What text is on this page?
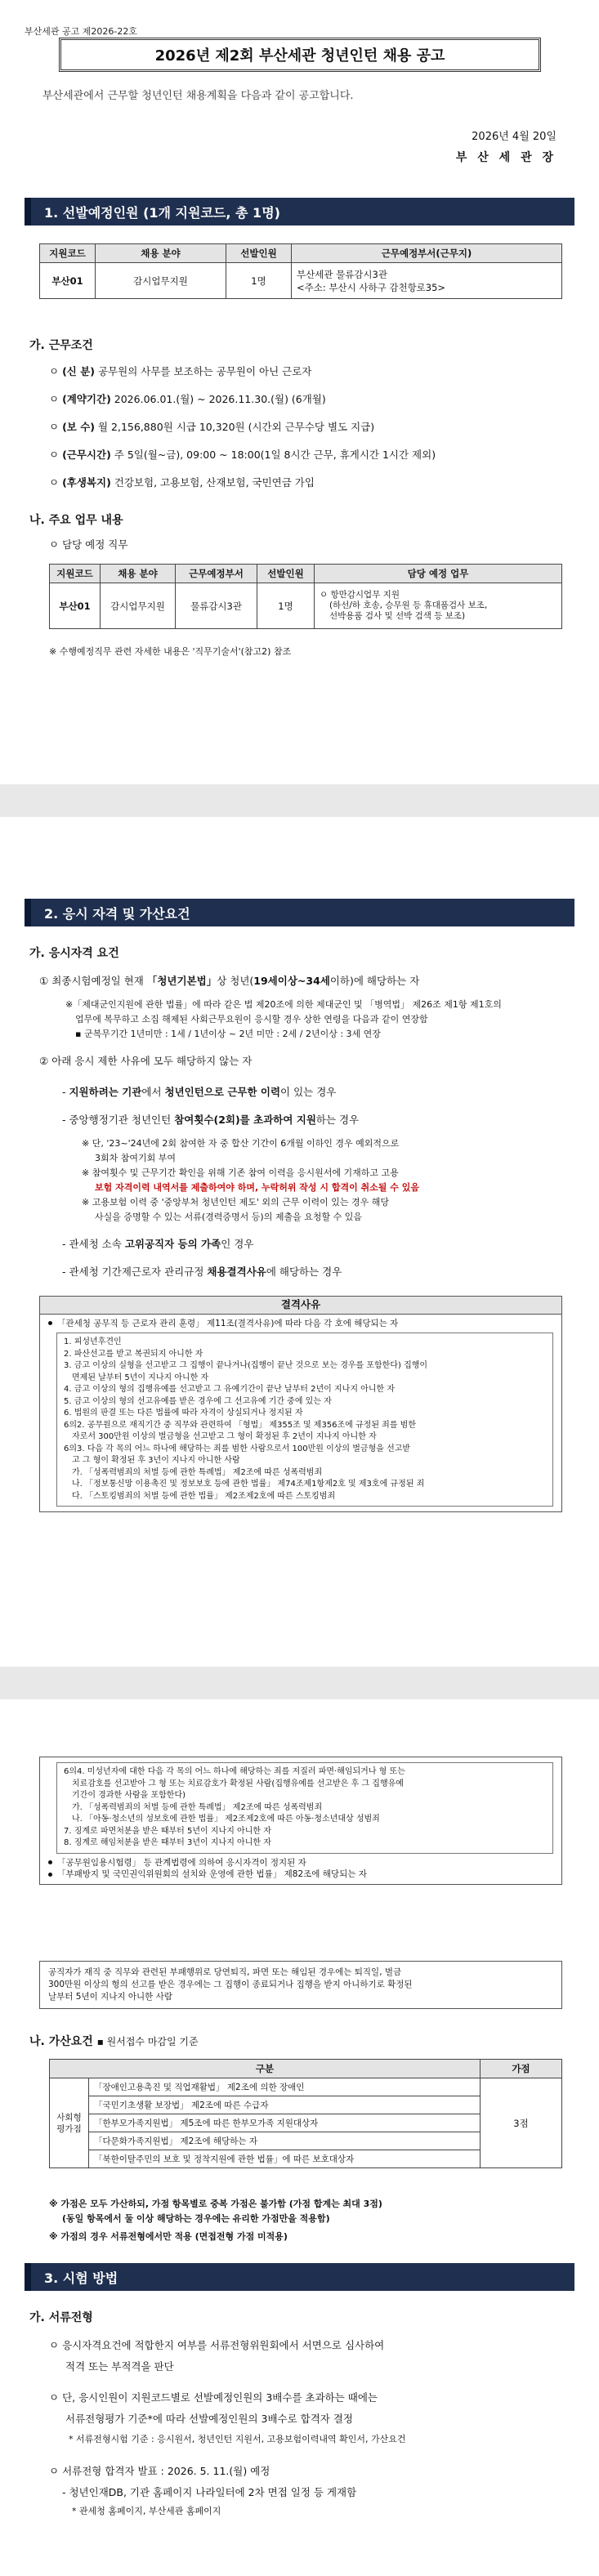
부산세관 공고 제2026-22호
2026년 제2회 부산세관 청년인턴 채용 공고
부산세관에서 근무할 청년인턴 채용계획을 다음과 같이 공고합니다.
2026년 4월 20일
부 산 세 관 장
1. 선발예정인원 (1개 지원코드, 총 1명)
지원코드	채용 분야	선발인원	근무예정부서(근무지)
부산01	감시업무지원	1명	부산세관 물류감시3관
<주소: 부산시 사하구 감천항로35>
가. 근무조건
ㅇ (신 분) 공무원의 사무를 보조하는 공무원이 아닌 근로자
ㅇ (계약기간) 2026.06.01.(월) ~ 2026.11.30.(월) (6개월)
ㅇ (보 수) 월 2,156,880원 시급 10,320원 (시간외 근무수당 별도 지급)
ㅇ (근무시간) 주 5일(월~금), 09:00 ~ 18:00(1일 8시간 근무, 휴게시간 1시간 제외)
ㅇ (후생복지) 건강보험, 고용보험, 산재보험, 국민연금 가입
나. 주요 업무 내용
ㅇ 담당 예정 직무
지원코드	채용 분야	근무예정부서	선발인원	담당 예정 업무
부산01	감시업무지원	물류감시3관	1명	ㅇ 항만감시업무 지원
(하선/하 호송, 승무원 등 휴대품검사 보조,
선박용품 검사 및 선박 검색 등 보조)
※ 수행예정직무 관련 자세한 내용은 '직무기술서'(참고2) 참조
2. 응시 자격 및 가산요건
가. 응시자격 요건
① 최종시험예정일 현재 「청년기본법」상 청년(19세이상~34세이하)에 해당하는 자
※「제대군인지원에 관한 법률」에 따라 같은 법 제20조에 의한 제대군인 및 「병역법」 제26조 제1항 제1호의
업무에 복무하고 소집 해제된 사회근무요원이 응시할 경우 상한 연령을 다음과 같이 연장함
▪ 군복무기간 1년미만 : 1세 / 1년이상 ~ 2년 미만 : 2세 / 2년이상 : 3세 연장
② 아래 응시 제한 사유에 모두 해당하지 않는 자
- 지원하려는 기관에서 청년인턴으로 근무한 이력이 있는 경우
- 중앙행정기관 청년인턴 참여횟수(2회)를 초과하여 지원하는 경우
※ 단, '23~'24년에 2회 참여한 자 중 합산 기간이 6개월 이하인 경우 예외적으로
3회차 참여기회 부여
※ 참여횟수 및 근무기간 확인을 위해 기존 참여 이력을 응시원서에 기재하고 고용
보험 자격이력 내역서를 제출하여야 하며, 누락허위 작성 시 합격이 취소될 수 있음
※ 고용보험 이력 중 '중앙부처 청년인턴 제도' 외의 근무 이력이 있는 경우 해당
사실을 증명할 수 있는 서류(경력증명서 등)의 제출을 요청할 수 있음
- 관세청 소속 고위공직자 등의 가족인 경우
- 관세청 기간제근로자 관리규정 채용결격사유에 해당하는 경우
결격사유
「관세청 공무직 등 근로자 관리 훈령」 제11조(결격사유)에 따라 다음 각 호에 해당되는 자
1. 피성년후견인
2. 파산선고를 받고 복권되지 아니한 자
3. 금고 이상의 실형을 선고받고 그 집행이 끝나거나(집행이 끝난 것으로 보는 경우를 포함한다) 집행이
면제된 날부터 5년이 지나지 아니한 자
4. 금고 이상의 형의 집행유예를 선고받고 그 유예기간이 끝난 날부터 2년이 지나지 아니한 자
5. 금고 이상의 형의 선고유예를 받은 경우에 그 선고유예 기간 중에 있는 자
6. 법원의 판결 또는 다른 법률에 따라 자격이 상실되거나 정지된 자
6의2. 공무원으로 재직기간 중 직무와 관련하여 「형법」 제355조 및 제356조에 규정된 죄를 범한
자로서 300만원 이상의 벌금형을 선고받고 그 형이 확정된 후 2년이 지나지 아니한 자
6의3. 다음 각 목의 어느 하나에 해당하는 죄를 범한 사람으로서 100만원 이상의 벌금형을 선고받
고 그 형이 확정된 후 3년이 지나지 아니한 사람
가. 「성폭력범죄의 처벌 등에 관한 특례법」 제2조에 따른 성폭력범죄
나. 「정보통신망 이용촉진 및 정보보호 등에 관한 법률」 제74조제1항제2호 및 제3호에 규정된 죄
다. 「스토킹범죄의 처벌 등에 관한 법률」 제2조제2호에 따른 스토킹범죄
6의4. 미성년자에 대한 다음 각 목의 어느 하나에 해당하는 죄를 저질러 파면·해임되거나 형 또는
치료감호를 선고받아 그 형 또는 치료감호가 확정된 사람(집행유예를 선고받은 후 그 집행유예
기간이 경과한 사람을 포함한다)
가. 「성폭력범죄의 처벌 등에 관한 특례법」 제2조에 따른 성폭력범죄
나. 「아동·청소년의 성보호에 관한 법률」 제2조제2호에 따른 아동·청소년대상 성범죄
7. 징계로 파면처분을 받은 때부터 5년이 지나지 아니한 자
8. 징계로 해임처분을 받은 때부터 3년이 지나지 아니한 자
「공무원임용시험령」 등 관계법령에 의하여 응시자격이 정지된 자
「부패방지 및 국민권익위원회의 설치와 운영에 관한 법률」 제82조에 해당되는 자
공직자가 재직 중 직무와 관련된 부패행위로 당연퇴직, 파면 또는 해임된 경우에는 퇴직일, 벌금
300만원 이상의 형의 선고를 받은 경우에는 그 집행이 종료되거나 집행을 받지 아니하기로 확정된
날부터 5년이 지나지 아니한 사람
나. 가산요건 ▪ 원서접수 마감일 기준
구분		가점
사회형평가점	「장애인고용촉진 및 직업재활법」 제2조에 의한 장애인	3점
	「국민기초생활 보장법」 제2조에 따른 수급자	
	「한부모가족지원법」 제5조에 따른 한부모가족 지원대상자	
	「다문화가족지원법」 제2조에 해당하는 자	
	「북한이탈주민의 보호 및 정착지원에 관한 법률」에 따른 보호대상자	
※ 가점은 모두 가산하되, 가점 항목별로 중복 가점은 불가함 (가점 합계는 최대 3점)
(동일 항목에서 둘 이상 해당하는 경우에는 유리한 가점만을 적용함)
※ 가점의 경우 서류전형에서만 적용 (면접전형 가점 미적용)
3. 시험 방법
가. 서류전형
ㅇ 응시자격요건에 적합한지 여부를 서류전형위원회에서 서면으로 심사하여
적격 또는 부적격을 판단
ㅇ 단, 응시인원이 지원코드별로 선발예정인원의 3배수를 초과하는 때에는
서류전형평가 기준*에 따라 선발예정인원의 3배수로 합격자 결정
* 서류전형시험 기준 : 응시원서, 청년인턴 지원서, 고용보험이력내역 확인서, 가산요건
ㅇ 서류전형 합격자 발표 : 2026. 5. 11.(월) 예정
- 청년인재DB, 기관 홈페이지 나라일터에 2차 면접 일정 등 게재함
* 관세청 홈페이지, 부산세관 홈페이지
